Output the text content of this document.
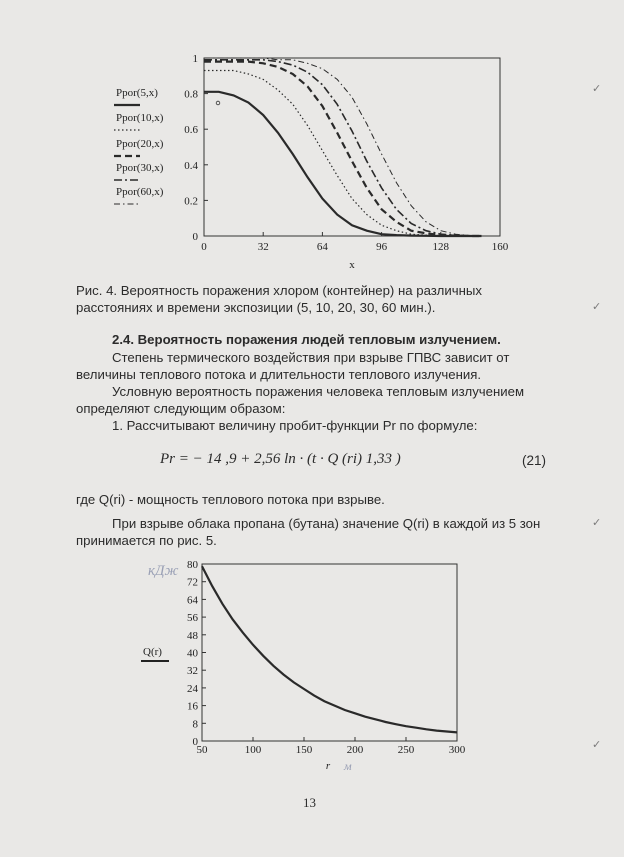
0	32	64	96	128	160
0
0.2
0.4
0.6
0.8
1
x
Ppor(5,x)
Ppor(10,x)
Ppor(20,x)
Ppor(30,x)
Ppor(60,x)
Рис. 4. Вероятность поражения хлором (контейнер) на различных расстояниях и времени экспозиции (5, 10, 20, 30, 60 мин.).
2.4. Вероятность поражения людей тепловым излучением.
Степень термического воздействия при взрыве ГПВС зависит от величины теплового потока и длительности теплового излучения.
Условную вероятность поражения человека тепловым излучением определяют следующим образом:
1. Рассчитывают величину пробит-функции Pr по формуле:
Pr = − 14 ,9 + 2,56 ln · (t · Q (ri) 1,33 )	(21)
где Q(ri) - мощность теплового потока при взрыве.
При взрыве облака пропана (бутана) значение Q(ri) в каждой из 5 зон принимается по рис. 5.
50	100	150	200	250	300
0
8
16
24
32
40
48
56
64
72
80
r
Q(r)
кДж
м
13
✓
✓
✓
✓
